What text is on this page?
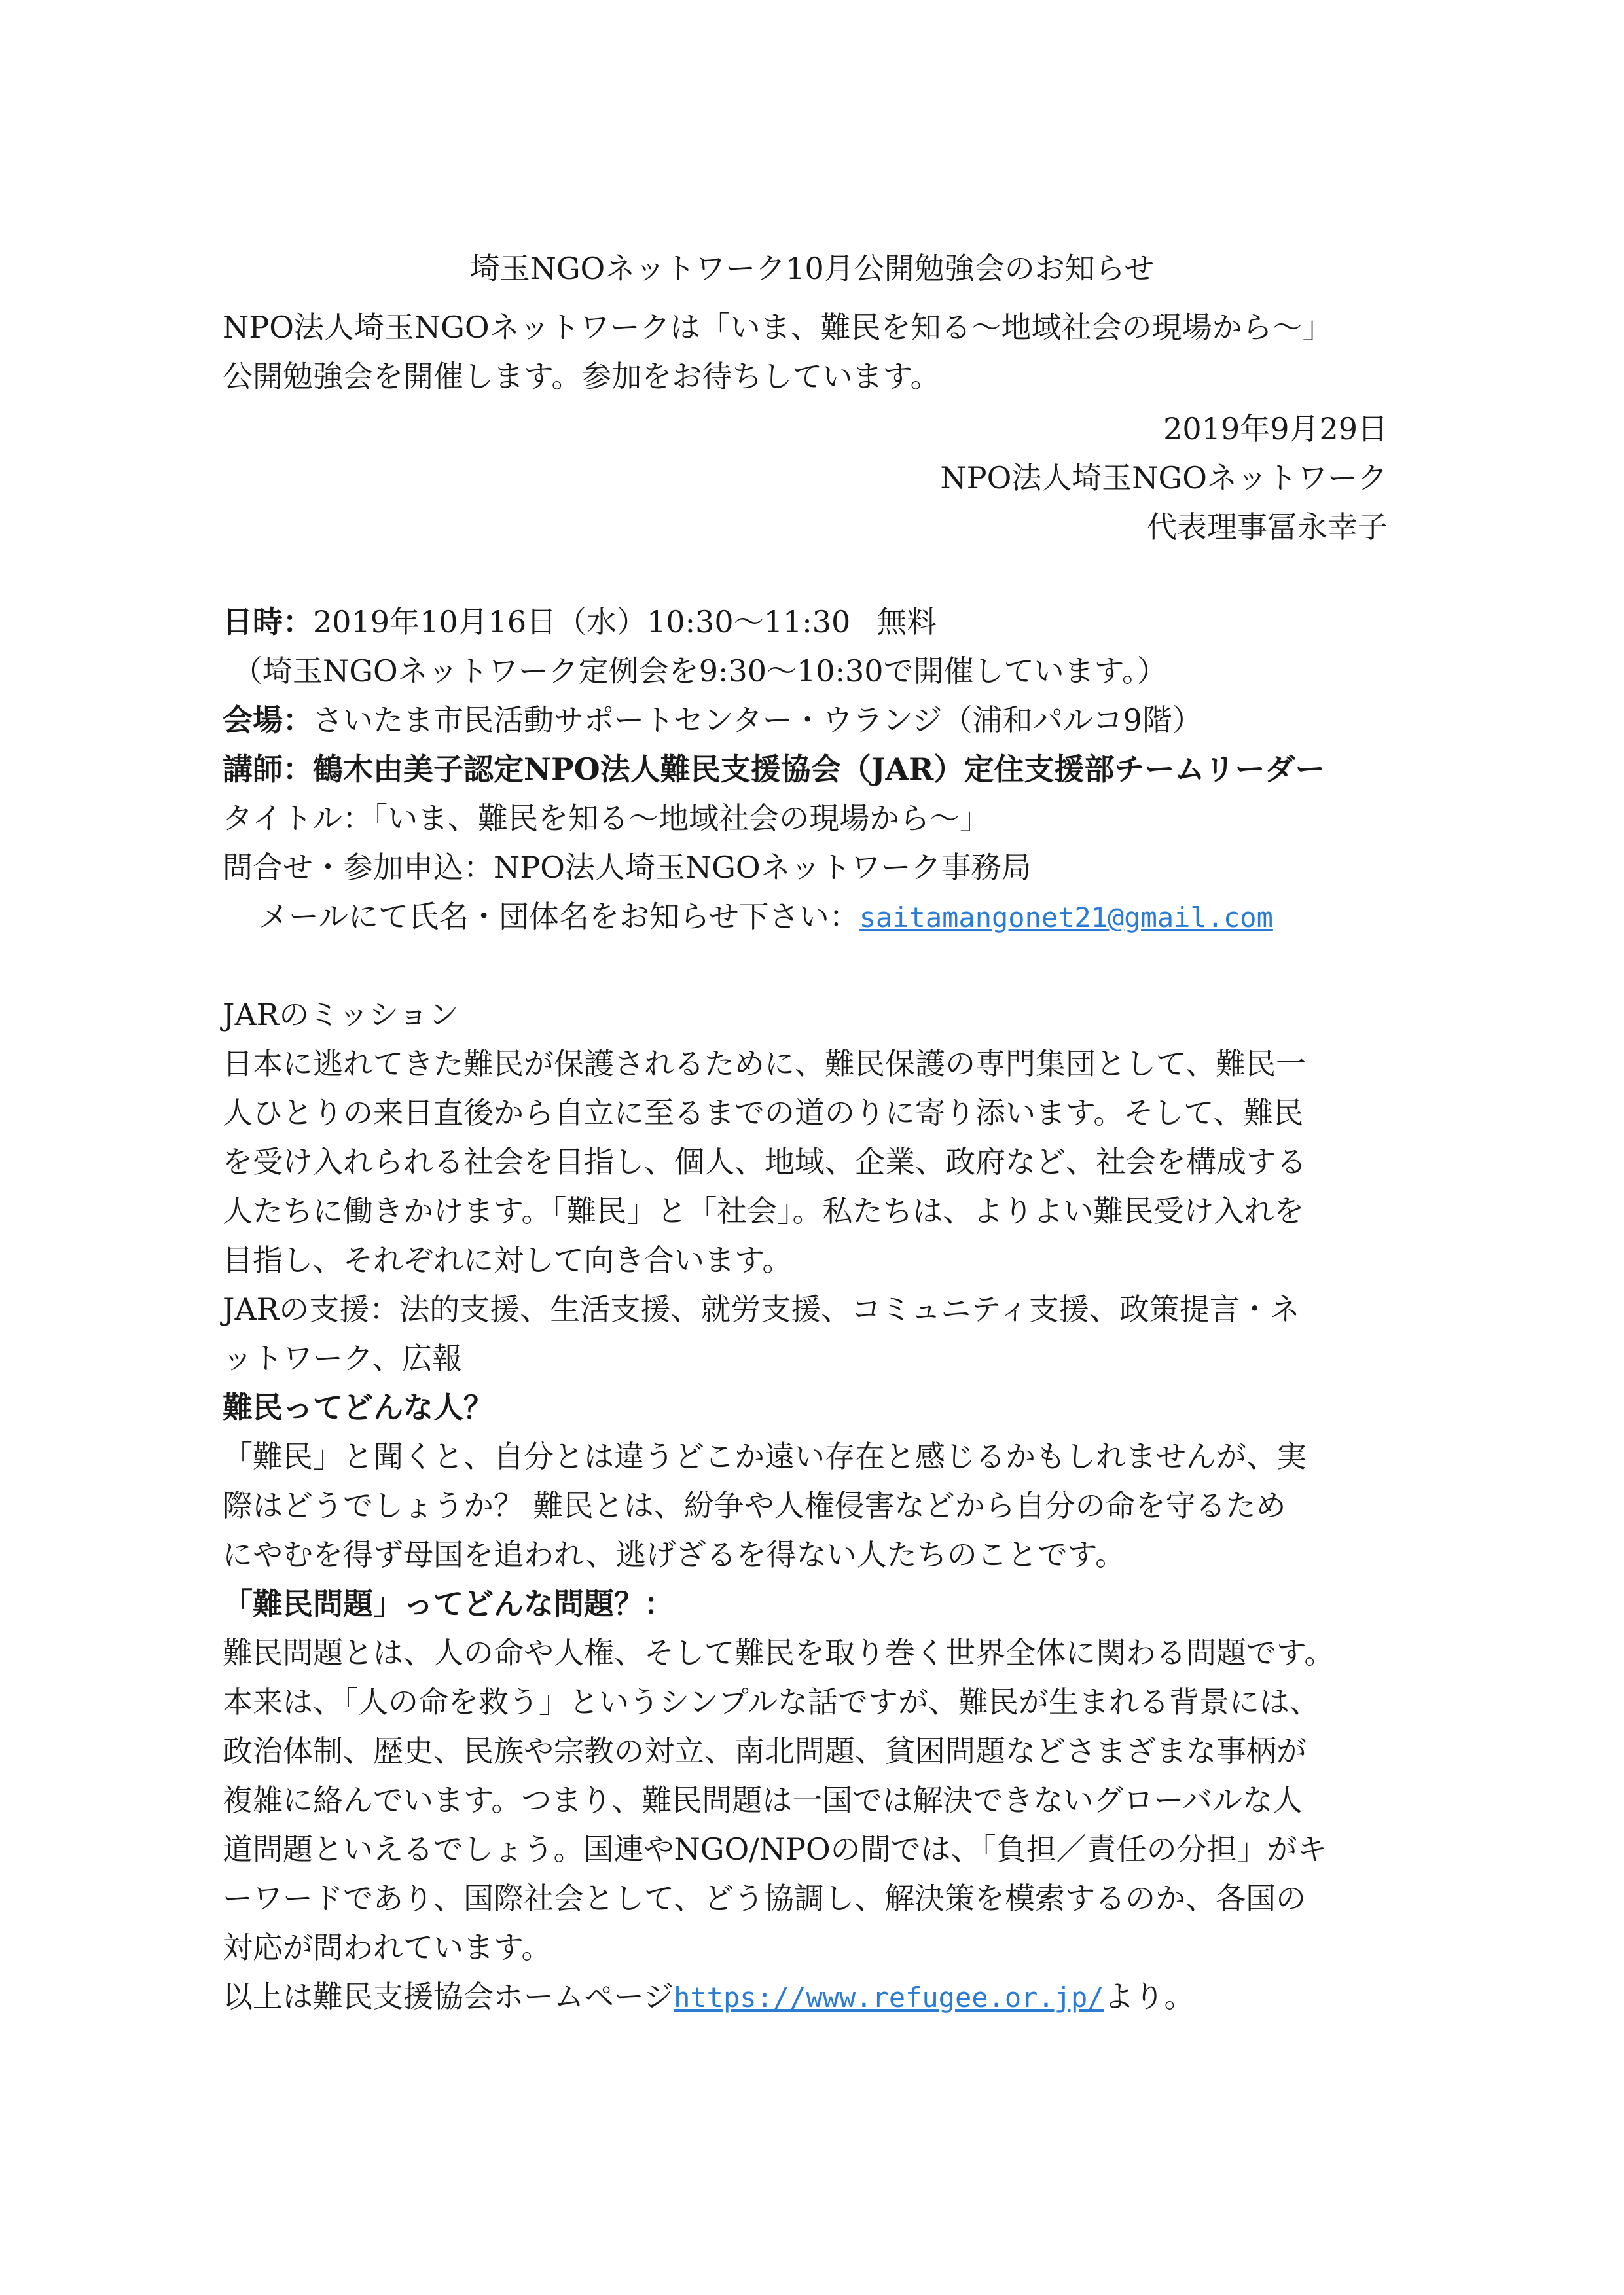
埼玉NGOネットワーク10月公開勉強会のお知らせ
NPO法人埼玉NGOネットワークは「いま、難民を知る～地域社会の現場から～」
公開勉強会を開催します。参加をお待ちしています。
2019年9月29日
NPO法人埼玉NGOネットワーク
代表理事冨永幸子
日時：2019年10月16日（水）10:30～11:30 無料
（埼玉NGOネットワーク定例会を9:30～10:30で開催しています。）
会場：さいたま市民活動サポートセンター・ウランジ（浦和パルコ9階）
講師：鶴木由美子認定NPO法人難民支援協会（JAR）定住支援部チームリーダー
タイトル：「いま、難民を知る～地域社会の現場から～」
問合せ・参加申込：NPO法人埼玉NGOネットワーク事務局
メールにて氏名・団体名をお知らせ下さい：saitamangonet21@gmail.com
JARのミッション
日本に逃れてきた難民が保護されるために、難民保護の専門集団として、難民一
人ひとりの来日直後から自立に至るまでの道のりに寄り添います。そして、難民
を受け入れられる社会を目指し、個人、地域、企業、政府など、社会を構成する
人たちに働きかけます。「難民」と「社会」。私たちは、よりよい難民受け入れを
目指し、それぞれに対して向き合います。
JARの支援：法的支援、生活支援、就労支援、コミュニティ支援、政策提言・ネ
ットワーク、広報
難民ってどんな人？
「難民」と聞くと、自分とは違うどこか遠い存在と感じるかもしれませんが、実
際はどうでしょうか？ 難民とは、紛争や人権侵害などから自分の命を守るため
にやむを得ず母国を追われ、逃げざるを得ない人たちのことです。
「難民問題」ってどんな問題？：
難民問題とは、人の命や人権、そして難民を取り巻く世界全体に関わる問題です。
本来は、「人の命を救う」というシンプルな話ですが、難民が生まれる背景には、
政治体制、歴史、民族や宗教の対立、南北問題、貧困問題などさまざまな事柄が
複雑に絡んでいます。つまり、難民問題は一国では解決できないグローバルな人
道問題といえるでしょう。国連やNGO/NPOの間では、「負担／責任の分担」がキ
ーワードであり、国際社会として、どう協調し、解決策を模索するのか、各国の
対応が問われています。
以上は難民支援協会ホームページhttps://www.refugee.or.jp/より。
